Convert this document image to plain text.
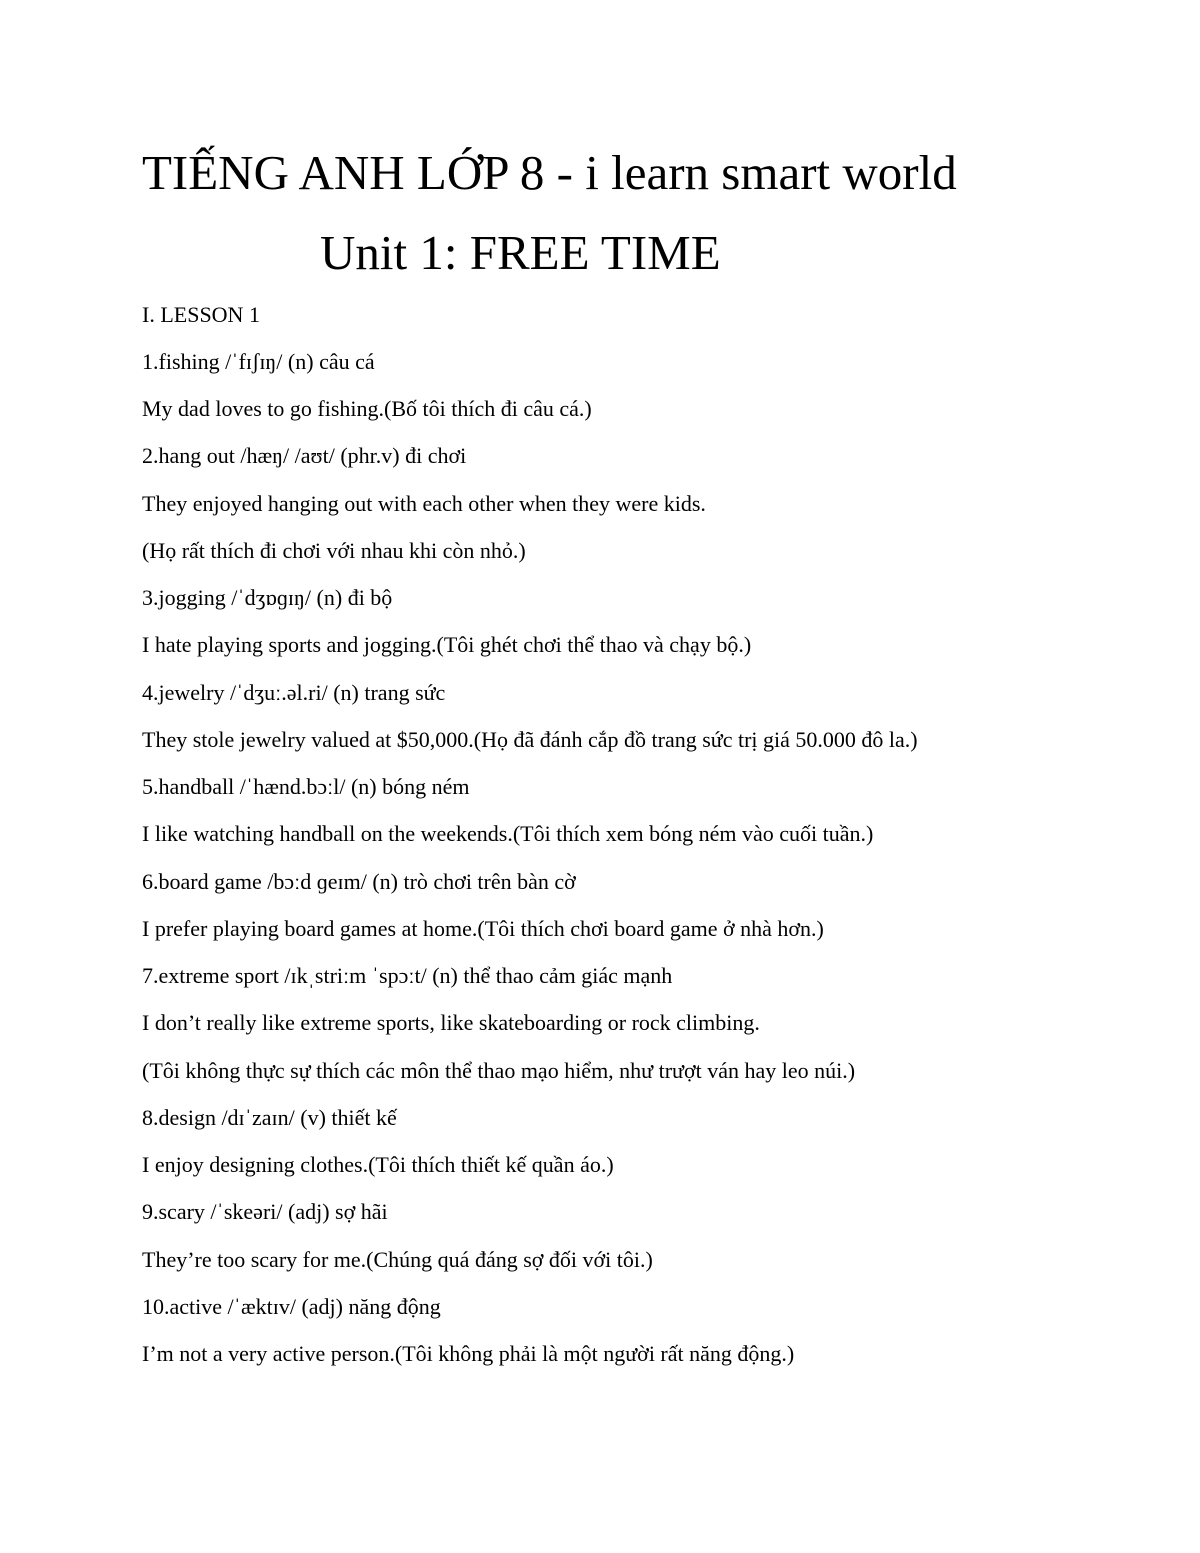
TIẾNG ANH LỚP 8 - i learn smart world
Unit 1: FREE TIME
I. LESSON 1
1.fishing /ˈfɪʃɪŋ/ (n) câu cá
My dad loves to go fishing.(Bố tôi thích đi câu cá.)
2.hang out /hæŋ/ /aʊt/ (phr.v) đi chơi
They enjoyed hanging out with each other when they were kids.
(Họ rất thích đi chơi với nhau khi còn nhỏ.)
3.jogging /ˈdʒɒɡɪŋ/ (n) đi bộ
I hate playing sports and jogging.(Tôi ghét chơi thể thao và chạy bộ.)
4.jewelry /ˈdʒuː.əl.ri/ (n) trang sức
They stole jewelry valued at $50,000.(Họ đã đánh cắp đồ trang sức trị giá 50.000 đô la.)
5.handball /ˈhænd.bɔːl/ (n) bóng ném
I like watching handball on the weekends.(Tôi thích xem bóng ném vào cuối tuần.)
6.board game /bɔːd ɡeɪm/ (n) trò chơi trên bàn cờ
I prefer playing board games at home.(Tôi thích chơi board game ở nhà hơn.)
7.extreme sport /ɪkˌstriːm ˈspɔːt/ (n) thể thao cảm giác mạnh
I don’t really like extreme sports, like skateboarding or rock climbing.
(Tôi không thực sự thích các môn thể thao mạo hiểm, như trượt ván hay leo núi.)
8.design /dɪˈzaɪn/ (v) thiết kế
I enjoy designing clothes.(Tôi thích thiết kế quần áo.)
9.scary /ˈskeəri/ (adj) sợ hãi
They’re too scary for me.(Chúng quá đáng sợ đối với tôi.)
10.active /ˈæktɪv/ (adj) năng động
I’m not a very active person.(Tôi không phải là một người rất năng động.)
